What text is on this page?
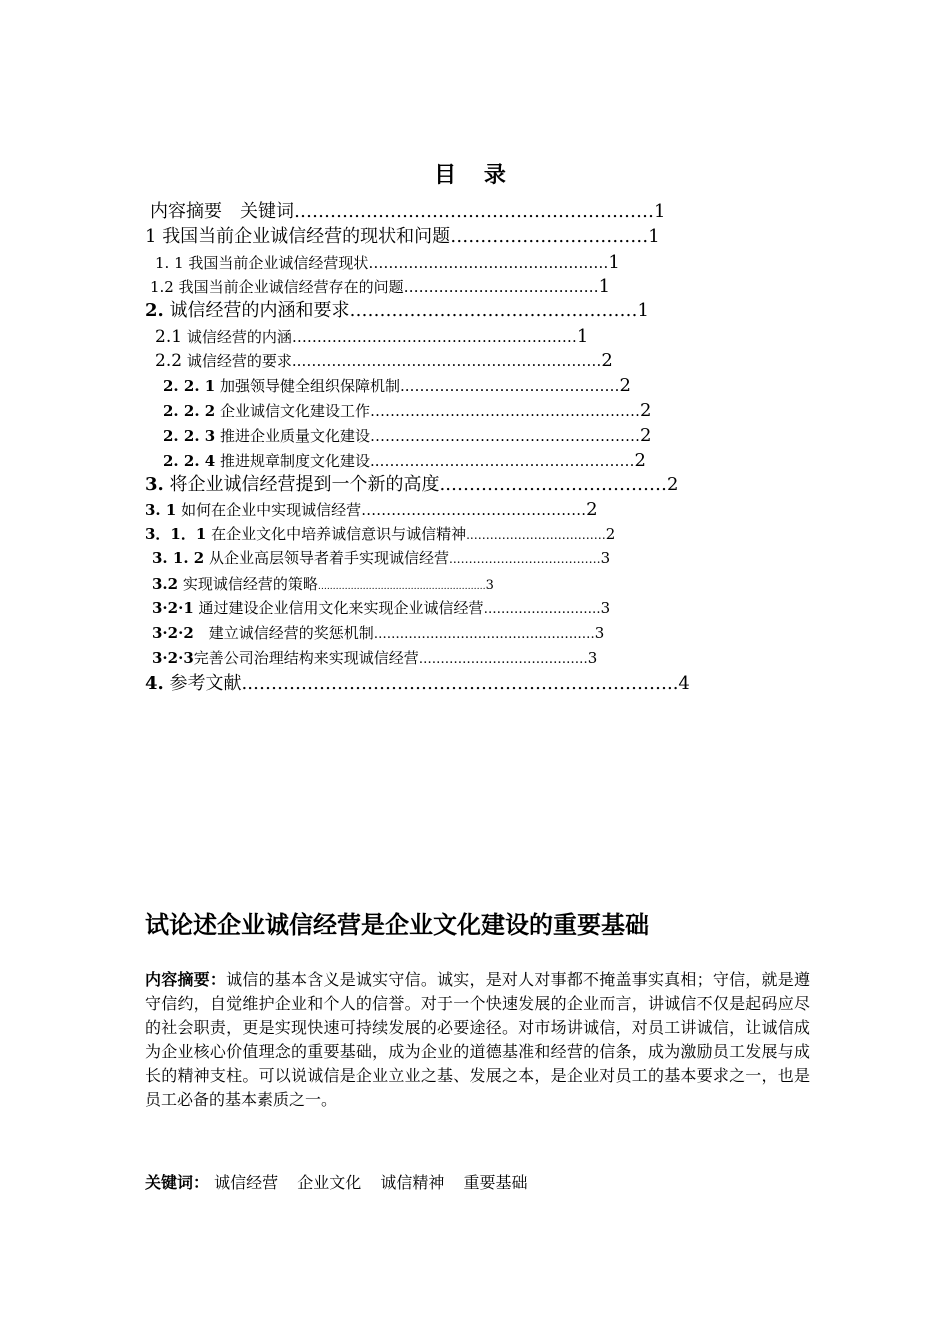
目 录
内容摘要　关键词……………………………………………………1
1 我国当前企业诚信经营的现状和问题……………………………1
1. 1 我国当前企业诚信经营现状…………………………………………1
1.2 我国当前企业诚信经营存在的问题…………………………………1
2. 诚信经营的内涵和要求…………………………………………1
2.1 诚信经营的内涵…………………………………………………1
2.2 诚信经营的要求..……………………………………………………2
2. 2. 1 加强领导健全组织保障机制..……………………………………2
2. 2. 2 企业诚信文化建设工作………………………………………………2
2. 2. 3 推进企业质量文化建设………………………………………………2
2. 2. 4 推进规章制度文化建设..……………………………………………2
3. 将企业诚信经营提到一个新的高度..………………………………2
3. 1 如何在企业中实现诚信经营………………………………………2
3．1．1 在企业文化中培养诚信意识与诚信精神..……………………………2
3. 1. 2 从企业高层领导者着手实现诚信经营..………………………………3
3.2 实现诚信经营的策略…..……………………………………………3
3·2·1 通过建设企业信用文化来实现企业诚信经营………………………3
3·2·2　建立诚信经营的奖惩机制……………………………………………3
3·2·3完善公司治理结构来实现诚信经营…………………………………3
4. 参考文献..……………………………………………………………..4
试论述企业诚信经营是企业文化建设的重要基础
内容摘要：诚信的基本含义是诚实守信。诚实，是对人对事都不掩盖事实真相；守信，就是遵守信约，自觉维护企业和个人的信誉。对于一个快速发展的企业而言，讲诚信不仅是起码应尽的社会职责，更是实现快速可持续发展的必要途径。对市场讲诚信，对员工讲诚信，让诚信成为企业核心价值理念的重要基础，成为企业的道德基准和经营的信条，成为激励员工发展与成长的精神支柱。可以说诚信是企业立业之基、发展之本，是企业对员工的基本要求之一，也是员工必备的基本素质之一。
关键词： 诚信经营 企业文化 诚信精神 重要基础
